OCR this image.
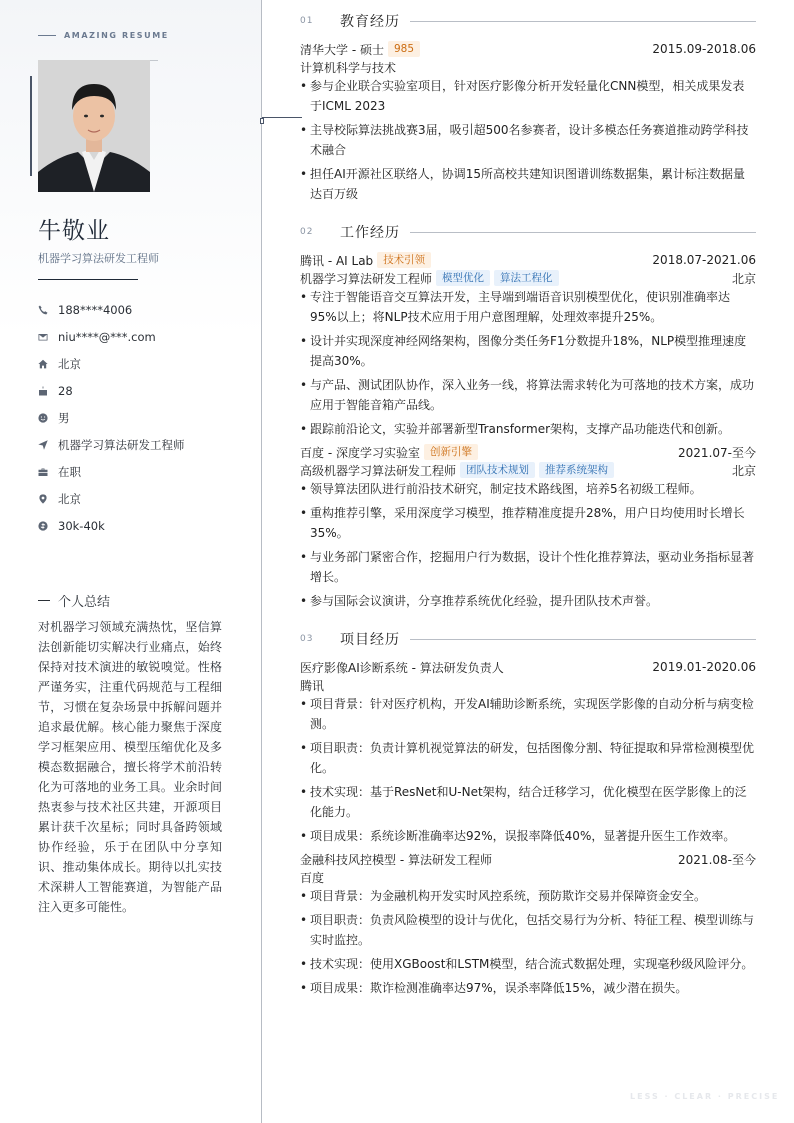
AMAZING RESUME
牛敬业
机器学习算法研发工程师
188****4006
niu****@***.com
北京
28
男
机器学习算法研发工程师
在职
北京
30k-40k
个人总结
对机器学习领域充满热忱，坚信算法创新能切实解决行业痛点，始终保持对技术演进的敏锐嗅觉。性格严谨务实，注重代码规范与工程细节，习惯在复杂场景中拆解问题并追求最优解。核心能力聚焦于深度学习框架应用、模型压缩优化及多模态数据融合，擅长将学术前沿转化为可落地的业务工具。业余时间热衷参与技术社区共建，开源项目累计获千次星标；同时具备跨领域协作经验，乐于在团队中分享知识、推动集体成长。期待以扎实技术深耕人工智能赛道，为智能产品注入更多可能性。
01	教育经历
清华大学 - 硕士 985	2015.09-2018.06
计算机科学与技术
• 参与企业联合实验室项目，针对医疗影像分析开发轻量化CNN模型，相关成果发表于ICML 2023
• 主导校际算法挑战赛3届，吸引超500名参赛者，设计多模态任务赛道推动跨学科技术融合
• 担任AI开源社区联络人，协调15所高校共建知识图谱训练数据集，累计标注数据量达百万级
02	工作经历
腾讯 - AI Lab 技术引领	2018.07-2021.06
机器学习算法研发工程师 模型优化	算法工程化	北京
• 专注于智能语音交互算法开发，主导端到端语音识别模型优化，使识别准确率达95%以上；将NLP技术应用于用户意图理解，处理效率提升25%。
• 设计并实现深度神经网络架构，图像分类任务F1分数提升18%，NLP模型推理速度提高30%。
• 与产品、测试团队协作，深入业务一线，将算法需求转化为可落地的技术方案，成功应用于智能音箱产品线。
• 跟踪前沿论文，实验并部署新型Transformer架构，支撑产品功能迭代和创新。
百度 - 深度学习实验室 创新引擎	2021.07-至今
高级机器学习算法研发工程师 团队技术规划	推荐系统架构	北京
• 领导算法团队进行前沿技术研究，制定技术路线图，培养5名初级工程师。
• 重构推荐引擎，采用深度学习模型，推荐精准度提升28%，用户日均使用时长增长35%。
• 与业务部门紧密合作，挖掘用户行为数据，设计个性化推荐算法，驱动业务指标显著增长。
• 参与国际会议演讲，分享推荐系统优化经验，提升团队技术声誉。
03	项目经历
医疗影像AI诊断系统 - 算法研发负责人	2019.01-2020.06
腾讯
• 项目背景：针对医疗机构，开发AI辅助诊断系统，实现医学影像的自动分析与病变检测。
• 项目职责：负责计算机视觉算法的研发，包括图像分割、特征提取和异常检测模型优化。
• 技术实现：基于ResNet和U-Net架构，结合迁移学习，优化模型在医学影像上的泛化能力。
• 项目成果：系统诊断准确率达92%，误报率降低40%，显著提升医生工作效率。
金融科技风控模型 - 算法研发工程师	2021.08-至今
百度
• 项目背景：为金融机构开发实时风控系统，预防欺诈交易并保障资金安全。
• 项目职责：负责风险模型的设计与优化，包括交易行为分析、特征工程、模型训练与实时监控。
• 技术实现：使用XGBoost和LSTM模型，结合流式数据处理，实现毫秒级风险评分。
• 项目成果：欺诈检测准确率达97%，误杀率降低15%，减少潜在损失。
LESS · CLEAR · PRECISE
